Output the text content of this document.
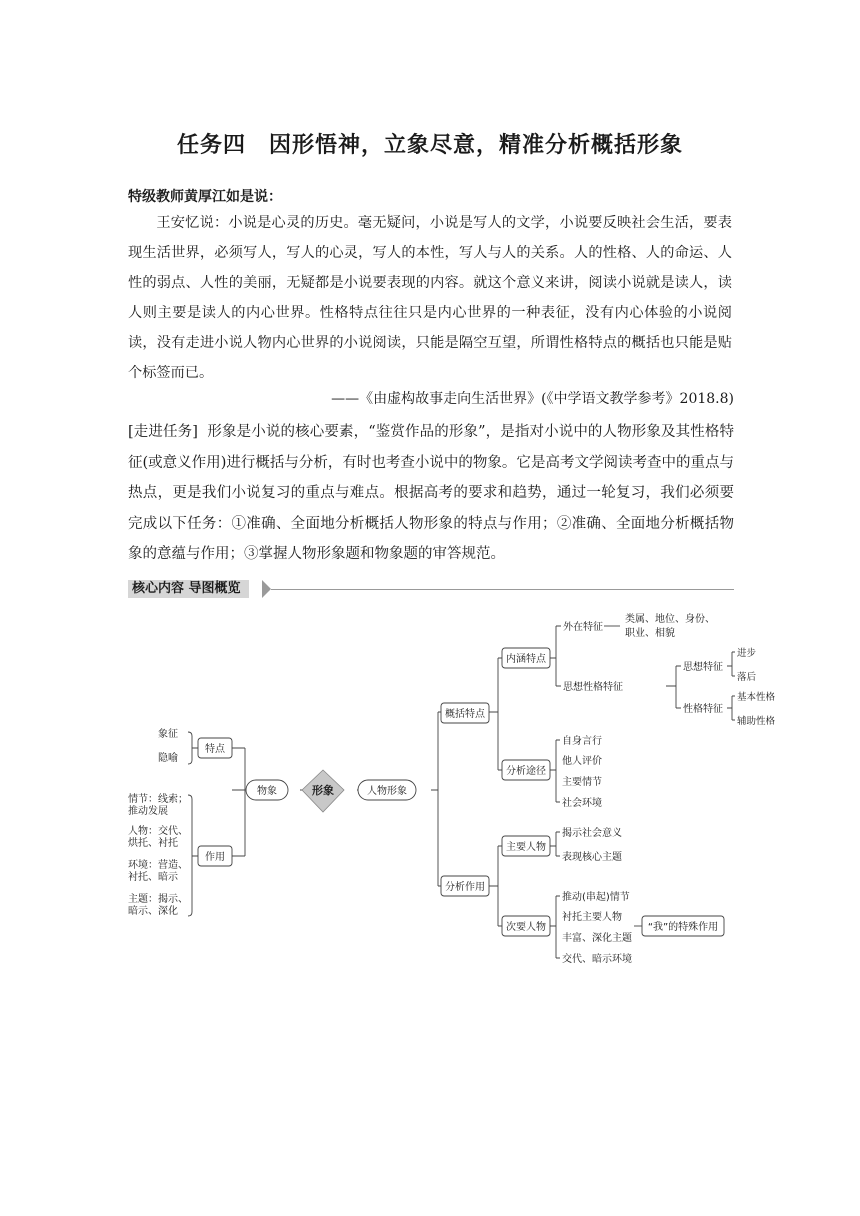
任务四　因形悟神，立象尽意，精准分析概括形象
特级教师黄厚江如是说：
王安忆说：小说是心灵的历史。毫无疑问，小说是写人的文学，小说要反映社会生活，要表现生活世界，必须写人，写人的心灵，写人的本性，写人与人的关系。人的性格、人的命运、人性的弱点、人性的美丽，无疑都是小说要表现的内容。就这个意义来讲，阅读小说就是读人，读人则主要是读人的内心世界。性格特点往往只是内心世界的一种表征，没有内心体验的小说阅读，没有走进小说人物内心世界的小说阅读，只能是隔空互望，所谓性格特点的概括也只能是贴个标签而已。
——《由虚构故事走向生活世界》(《中学语文教学参考》2018.8)
[走进任务] 形象是小说的核心要素，“鉴赏作品的形象”，是指对小说中的人物形象及其性格特征(或意义作用)进行概括与分析，有时也考查小说中的物象。它是高考文学阅读考查中的重点与热点，更是我们小说复习的重点与难点。根据高考的要求和趋势，通过一轮复习，我们必须要完成以下任务：①准确、全面地分析概括人物形象的特点与作用；②准确、全面地分析概括物象的意蕴与作用；③掌握人物形象题和物象题的审答规范。
核心内容 导图概览
形象
物象	人物形象
特点
作用
象征
隐喻
情节：线索；
推动发展
人物：交代、
烘托、衬托
环境：营造、
衬托、暗示
主题：揭示、
暗示、深化
概括特点
分析作用
内涵特点
分析途径
主要人物
次要人物
外在特征
类属、地位、身份、
职业、相貌
思想性格特征
思想特征
进步
落后
性格特征
基本性格
辅助性格
自身言行
他人评价
主要情节
社会环境
揭示社会意义
表现核心主题
推动(串起)情节
衬托主要人物
丰富、深化主题
交代、暗示环境
“我”的特殊作用
